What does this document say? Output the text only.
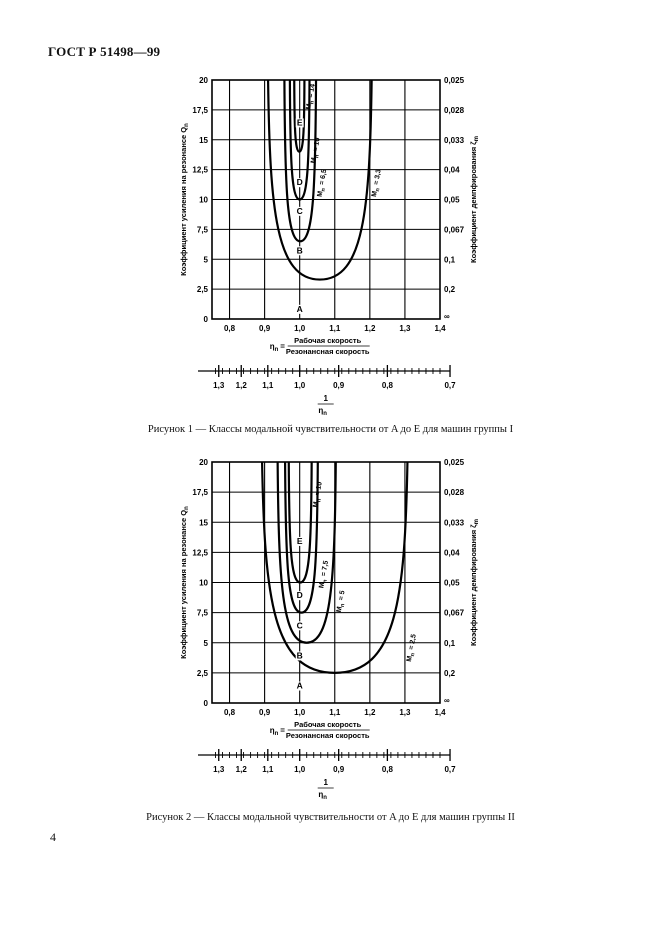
ГОСТ Р 51498—99
0
2,5
5
7,5
10
12,5
15
17,5
20
0,8	0,9	1,0	1,1	1,2	1,3	1,4
∞
0,2
0,1
0,067
0,05
0,04
0,033
0,028
0,025
$M_n = 3,3$
$M_n = 6,5$
$M_n = 10$
$M_n = 14$
A
B
C
D
E
Коэффициент усиления на резонансе $Q_n$
Коэффициент демпфирования $\zeta_m$
$\eta_n$ =
Рабочая скорость
Резонансная скорость
1,3 1,2 1,1	1,0	0,9	0,8	0,7
1
$\eta_n$
Рисунок 1 — Классы модальной чувствительности от A до E для машин группы I
0
2,5
5
7,5
10
12,5
15
17,5
20
0,8	0,9	1,0	1,1	1,2	1,3	1,4
∞
0,2
0,1
0,067
0,05
0,04
0,033
0,028
0,025
$M_n = 2,5$
$M_n = 5$
$M_n = 7,5$
$M_n = 10$
A
B
C
D
E
Коэффициент усиления на резонансе $Q_n$
Коэффициент демпфирования $\zeta_m$
$\eta_n$ =
Рабочая скорость
Резонансная скорость
1,3 1,2 1,1	1,0	0,9	0,8	0,7
1
$\eta_n$
Рисунок 2 — Классы модальной чувствительности от A до E для машин группы II
4
